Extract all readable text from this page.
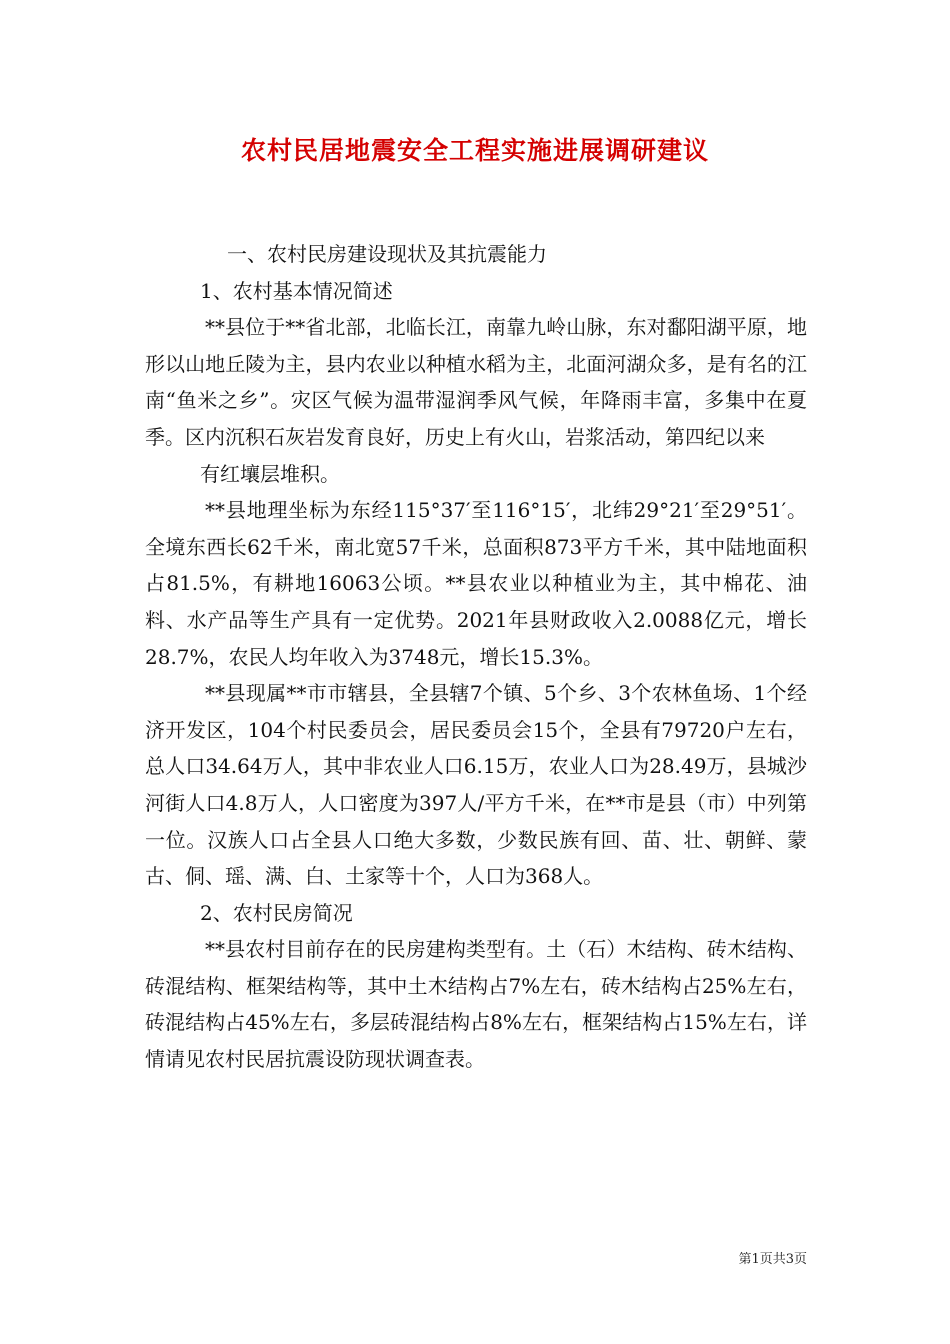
农村民居地震安全工程实施进展调研建议

一、农村民房建设现状及其抗震能力

1、农村基本情况简述

**县位于**省北部，北临长江，南靠九岭山脉，东对鄱阳湖平原，地形以山地丘陵为主，县内农业以种植水稻为主，北面河湖众多，是有名的江南“鱼米之乡”。灾区气候为温带湿润季风气候，年降雨丰富，多集中在夏季。区内沉积石灰岩发育良好，历史上有火山，岩浆活动，第四纪以来

有红壤层堆积。

**县地理坐标为东经115°37′至116°15′，北纬29°21′至29°51′。全境东西长62千米，南北宽57千米，总面积873平方千米，其中陆地面积占81.5%，有耕地16063公顷。**县农业以种植业为主，其中棉花、油料、水产品等生产具有一定优势。2021年县财政收入2.0088亿元，增长28.7%，农民人均年收入为3748元，增长15.3%。

**县现属**市市辖县，全县辖7个镇、5个乡、3个农林鱼场、1个经济开发区，104个村民委员会，居民委员会15个，全县有79720户左右，总人口34.64万人，其中非农业人口6.15万，农业人口为28.49万，县城沙河街人口4.8万人，人口密度为397人/平方千米，在**市是县（市）中列第一位。汉族人口占全县人口绝大多数，少数民族有回、苗、壮、朝鲜、蒙古、侗、瑶、满、白、土家等十个，人口为368人。

2、农村民房简况

**县农村目前存在的民房建构类型有。土（石）木结构、砖木结构、砖混结构、框架结构等，其中土木结构占7%左右，砖木结构占25%左右，砖混结构占45%左右，多层砖混结构占8%左右，框架结构占15%左右，详情请见农村民居抗震设防现状调查表。

第1页共3页
